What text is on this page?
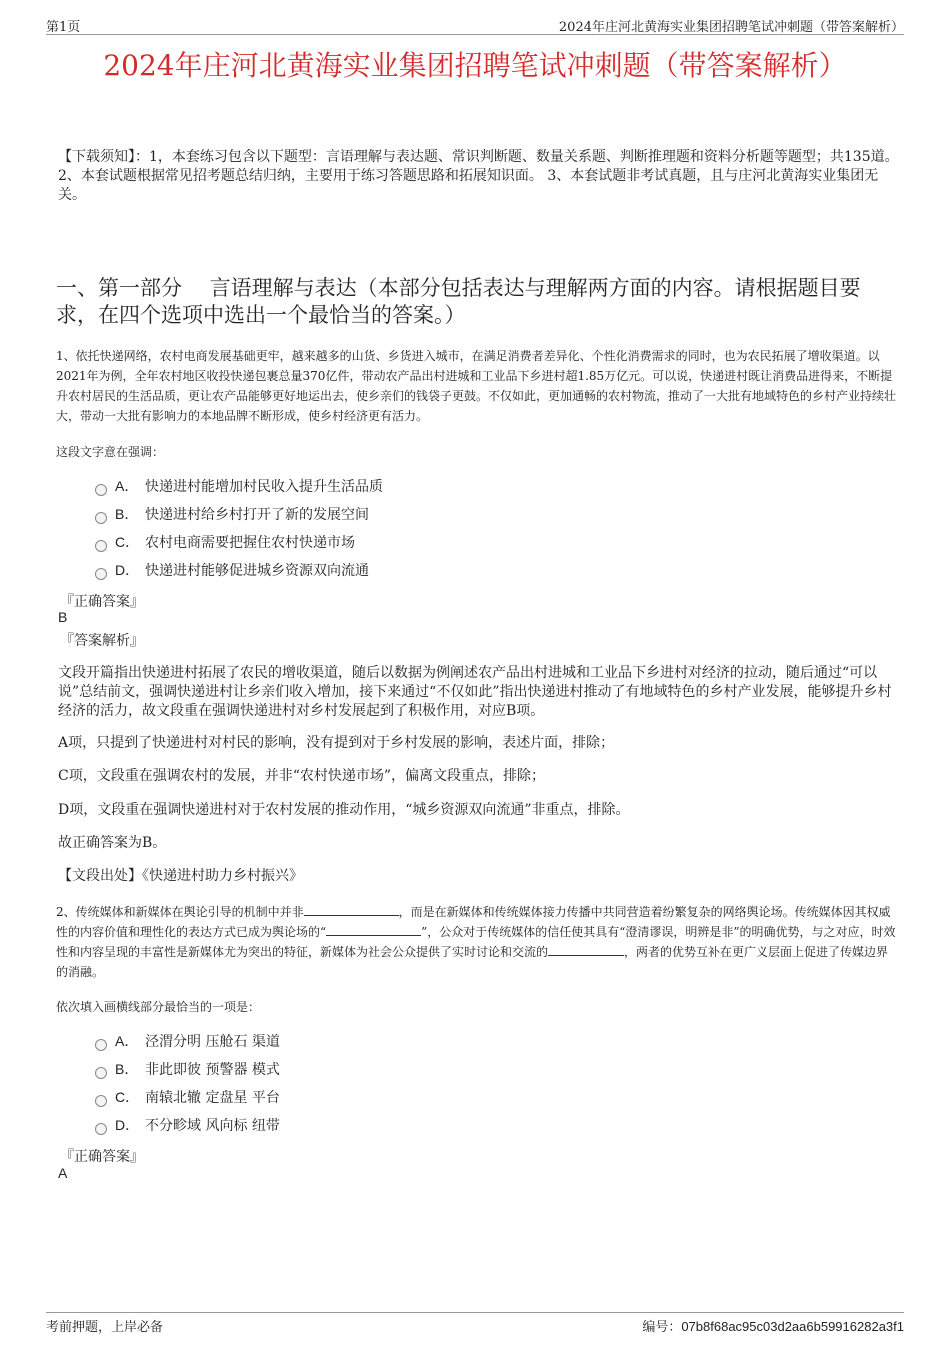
第1页	2024年庄河北黄海实业集团招聘笔试冲刺题（带答案解析）
2024年庄河北黄海实业集团招聘笔试冲刺题（带答案解析）
【下载须知】：1，本套练习包含以下题型：言语理解与表达题、常识判断题、数量关系题、判断推理题和资料分析题等题型；共135道。 2、本套试题根据常见招考题总结归纳，主要用于练习答题思路和拓展知识面。 3、本套试题非考试真题，且与庄河北黄海实业集团无关。
一、第一部分　 言语理解与表达（本部分包括表达与理解两方面的内容。请根据题目要求，在四个选项中选出一个最恰当的答案。）
1、依托快递网络，农村电商发展基础更牢，越来越多的山货、乡货进入城市，在满足消费者差异化、个性化消费需求的同时，也为农民拓展了增收渠道。以2021年为例，全年农村地区收投快递包裹总量370亿件，带动农产品出村进城和工业品下乡进村超1.85万亿元。可以说，快递进村既让消费品进得来，不断提升农村居民的生活品质，更让农产品能够更好地运出去，使乡亲们的钱袋子更鼓。不仅如此，更加通畅的农村物流，推动了一大批有地域特色的乡村产业持续壮大，带动一大批有影响力的本地品牌不断形成，使乡村经济更有活力。
这段文字意在强调：
A． 快递进村能增加村民收入提升生活品质
B． 快递进村给乡村打开了新的发展空间
C． 农村电商需要把握住农村快递市场
D． 快递进村能够促进城乡资源双向流通
『正确答案』
B
『答案解析』
文段开篇指出快递进村拓展了农民的增收渠道，随后以数据为例阐述农产品出村进城和工业品下乡进村对经济的拉动，随后通过“可以说”总结前文，强调快递进村让乡亲们收入增加，接下来通过“不仅如此”指出快递进村推动了有地域特色的乡村产业发展，能够提升乡村经济的活力，故文段重在强调快递进村对乡村发展起到了积极作用，对应B项。
A项，只提到了快递进村对村民的影响，没有提到对于乡村发展的影响，表述片面，排除；
C项，文段重在强调农村的发展，并非“农村快递市场”，偏离文段重点，排除；
D项，文段重在强调快递进村对于农村发展的推动作用，“城乡资源双向流通”非重点，排除。
故正确答案为B。
【文段出处】《快递进村助力乡村振兴》
2、传统媒体和新媒体在舆论引导的机制中并非	，而是在新媒体和传统媒体接力传播中共同营造着纷繁复杂的网络舆论场。传统媒体因其权威性的内容价值和理性化的表达方式已成为舆论场的“	”，公众对于传统媒体的信任使其具有“澄清谬误，明辨是非”的明确优势，与之对应，时效性和内容呈现的丰富性是新媒体尤为突出的特征，新媒体为社会公众提供了实时讨论和交流的	，两者的优势互补在更广义层面上促进了传媒边界的消融。
依次填入画横线部分最恰当的一项是：
A． 泾渭分明 压舱石 渠道
B． 非此即彼 预警器 模式
C． 南辕北辙 定盘星 平台
D． 不分畛域 风向标 纽带
『正确答案』
A
考前押题，上岸必备	编号：07b8f68ac95c03d2aa6b59916282a3f1
